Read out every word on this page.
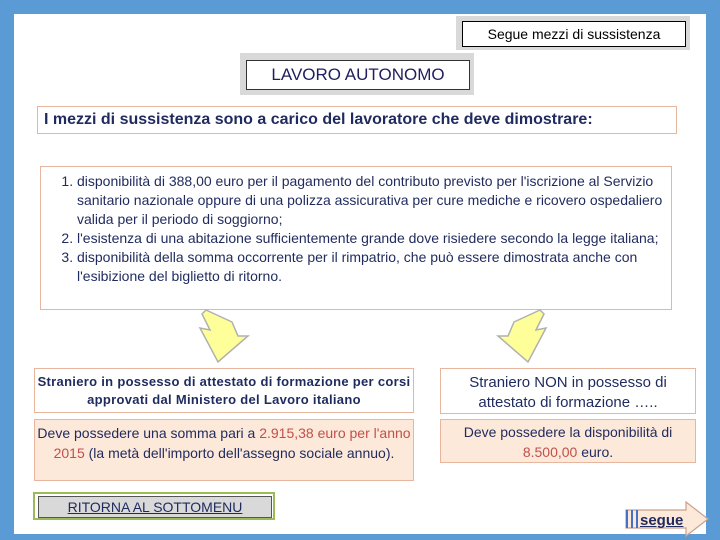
Segue mezzi di sussistenza
LAVORO AUTONOMO
I mezzi di sussistenza sono a carico del lavoratore che deve dimostrare:
1. disponibilità di 388,00 euro per il pagamento del contributo previsto per l'iscrizione al Servizio sanitario nazionale oppure di una polizza assicurativa per cure mediche e ricovero ospedaliero valida per il periodo di soggiorno;
2. l'esistenza di una abitazione sufficientemente grande dove risiedere secondo la legge italiana;
3. disponibilità della somma occorrente per il rimpatrio, che può essere dimostrata anche con l'esibizione del biglietto di ritorno.
Straniero in possesso di attestato di formazione per corsi approvati dal Ministero del Lavoro italiano
Straniero NON in possesso di attestato di formazione …..
Deve possedere una somma pari a 2.915,38 euro per l'anno 2015 (la metà dell'importo dell'assegno sociale annuo).
Deve possedere la disponibilità di 8.500,00 euro.
RITORNA AL SOTTOMENU
segue
